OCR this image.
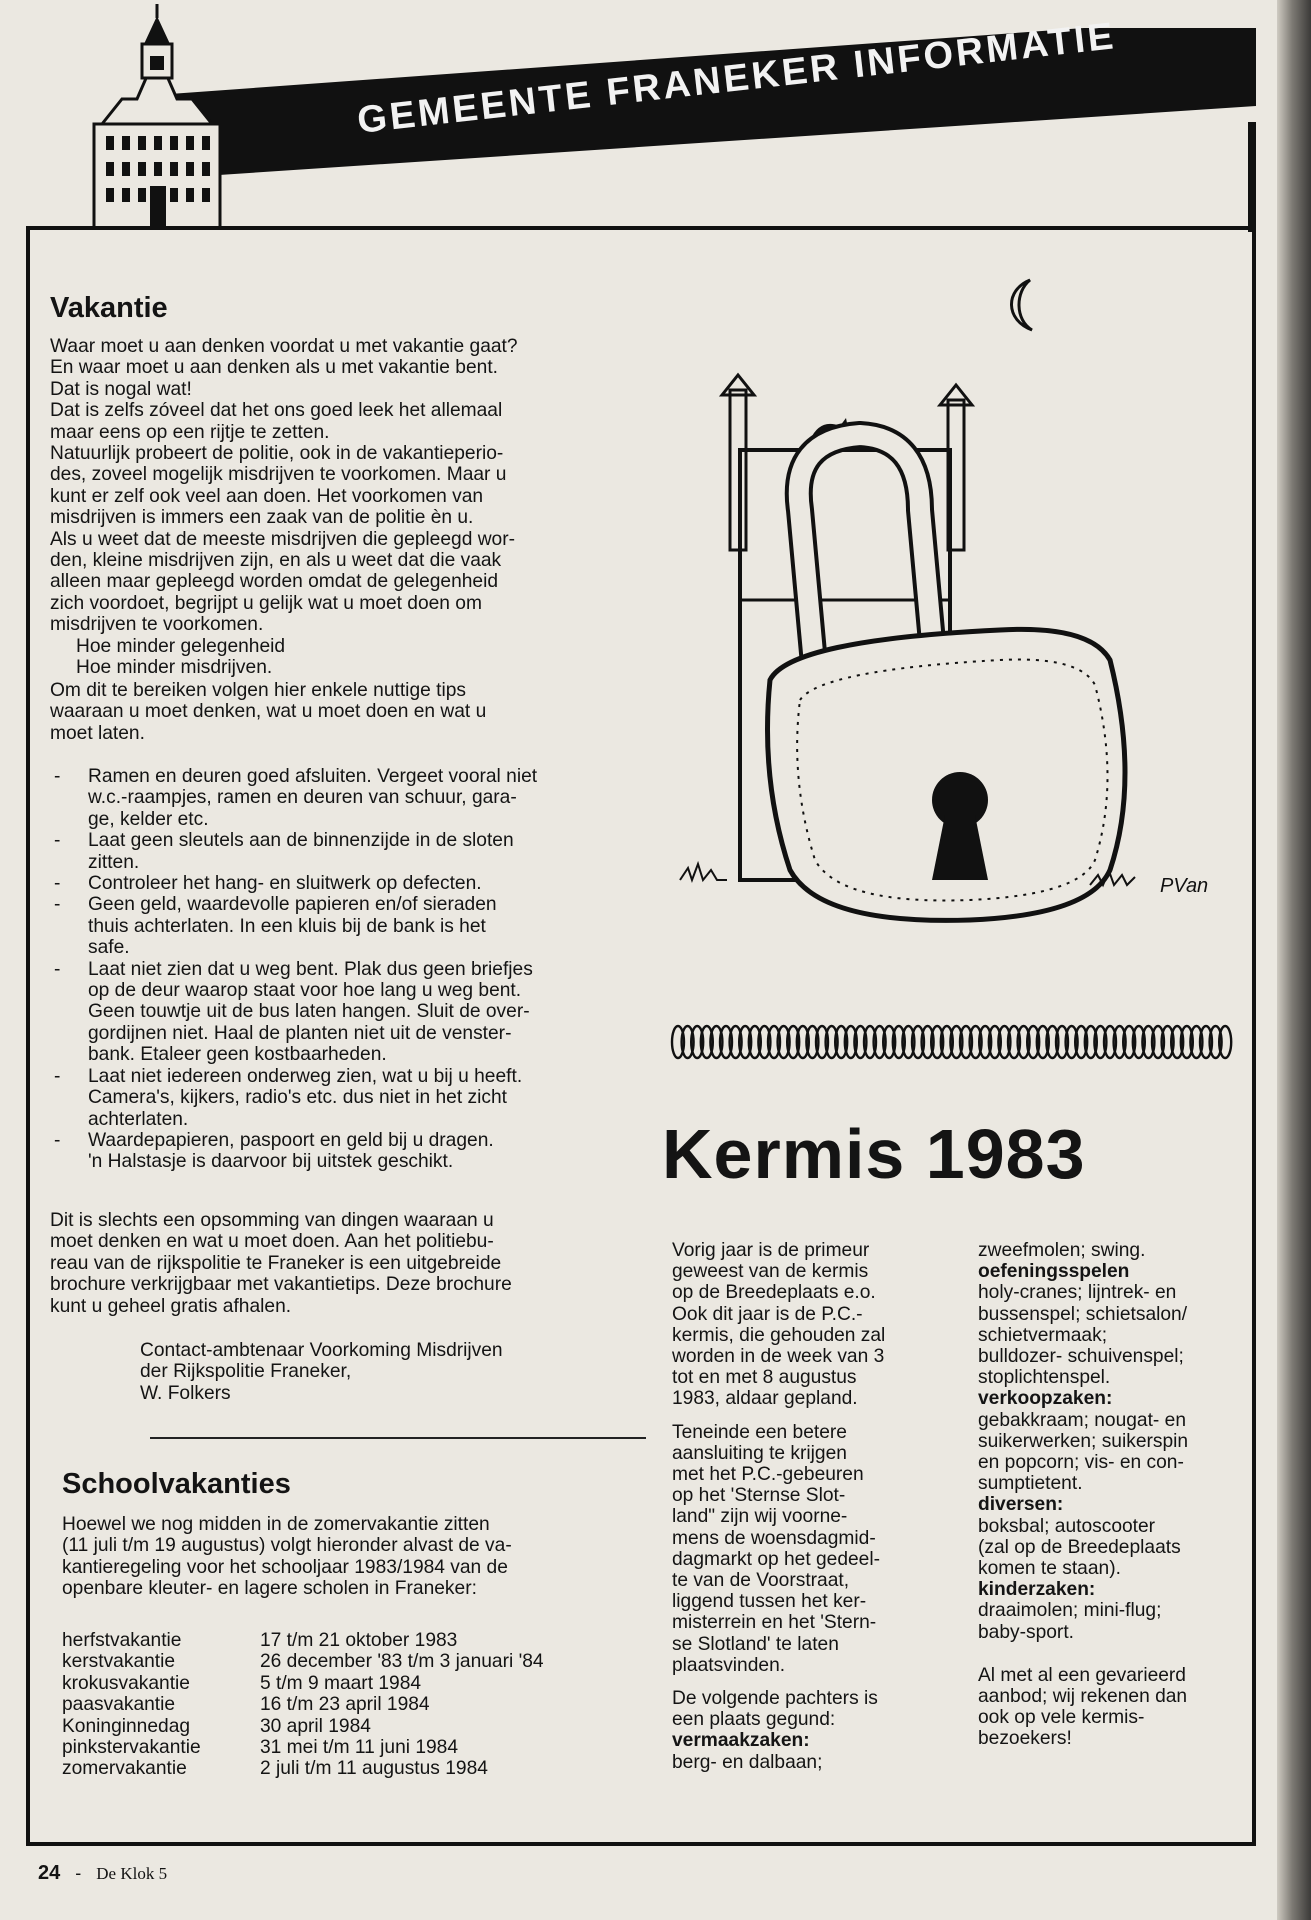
GEMEENTE FRANEKER INFORMATIE
Vakantie
Waar moet u aan denken voordat u met vakantie gaat?
En waar moet u aan denken als u met vakantie bent.
Dat is nogal wat!
Dat is zelfs zóveel dat het ons goed leek het allemaal
maar eens op een rijtje te zetten.
Natuurlijk probeert de politie, ook in de vakantieperio-
des, zoveel mogelijk misdrijven te voorkomen. Maar u
kunt er zelf ook veel aan doen. Het voorkomen van
misdrijven is immers een zaak van de politie èn u.
Als u weet dat de meeste misdrijven die gepleegd wor-
den, kleine misdrijven zijn, en als u weet dat die vaak
alleen maar gepleegd worden omdat de gelegenheid
zich voordoet, begrijpt u gelijk wat u moet doen om
misdrijven te voorkomen.
Hoe minder gelegenheid
Hoe minder misdrijven.
Om dit te bereiken volgen hier enkele nuttige tips
waaraan u moet denken, wat u moet doen en wat u
moet laten.
- Ramen en deuren goed afsluiten. Vergeet vooral niet
w.c.-raampjes, ramen en deuren van schuur, gara-
ge, kelder etc.
- Laat geen sleutels aan de binnenzijde in de sloten
zitten.
- Controleer het hang- en sluitwerk op defecten.
- Geen geld, waardevolle papieren en/of sieraden
thuis achterlaten. In een kluis bij de bank is het
safe.
- Laat niet zien dat u weg bent. Plak dus geen briefjes
op de deur waarop staat voor hoe lang u weg bent.
Geen touwtje uit de bus laten hangen. Sluit de over-
gordijnen niet. Haal de planten niet uit de venster-
bank. Etaleer geen kostbaarheden.
- Laat niet iedereen onderweg zien, wat u bij u heeft.
Camera's, kijkers, radio's etc. dus niet in het zicht
achterlaten.
- Waardepapieren, paspoort en geld bij u dragen.
'n Halstasje is daarvoor bij uitstek geschikt.
Dit is slechts een opsomming van dingen waaraan u
moet denken en wat u moet doen. Aan het politiebu-
reau van de rijkspolitie te Franeker is een uitgebreide
brochure verkrijgbaar met vakantietips. Deze brochure
kunt u geheel gratis afhalen.
Contact-ambtenaar Voorkoming Misdrijven
der Rijkspolitie Franeker,
W. Folkers
Schoolvakanties
Hoewel we nog midden in de zomervakantie zitten
(11 juli t/m 19 augustus) volgt hieronder alvast de va-
kantieregeling voor het schooljaar 1983/1984 van de
openbare kleuter- en lagere scholen in Franeker:
herfstvakantie	17 t/m 21 oktober 1983
kerstvakantie	26 december '83 t/m 3 januari '84
krokusvakantie	5 t/m 9 maart 1984
paasvakantie	16 t/m 23 april 1984
Koninginnedag	30 april 1984
pinkstervakantie	31 mei t/m 11 juni 1984
zomervakantie	2 juli t/m 11 augustus 1984
PVan
Kermis 1983

Vorig jaar is de primeur
geweest van de kermis
op de Breedeplaats e.o.
Ook dit jaar is de P.C.-
kermis, die gehouden zal
worden in de week van 3
tot en met 8 augustus
1983, aldaar gepland.

Teneinde een betere
aansluiting te krijgen
met het P.C.-gebeuren
op het 'Sternse Slot-
land" zijn wij voorne-
mens de woensdagmid-
dagmarkt op het gedeel-
te van de Voorstraat,
liggend tussen het ker-
misterrein en het 'Stern-
se Slotland' te laten
plaatsvinden.

De volgende pachters is
een plaats gegund:

vermaakzaken:
berg- en dalbaan;
zweefmolen; swing.
oefeningsspelen
holy-cranes; lijntrek- en
bussenspel; schietsalon/
schietvermaak;
bulldozer- schuivenspel;
stoplichtenspel.
verkoopzaken:
gebakkraam; nougat- en
suikerwerken; suikerspin
en popcorn; vis- en con-
sumptietent.
diversen:
boksbal; autoscooter
(zal op de Breedeplaats
komen te staan).
kinderzaken:
draaimolen; mini-flug;
baby-sport.
Al met al een gevarieerd
aanbod; wij rekenen dan
ook op vele kermis-
bezoekers!
24 - De Klok 5
